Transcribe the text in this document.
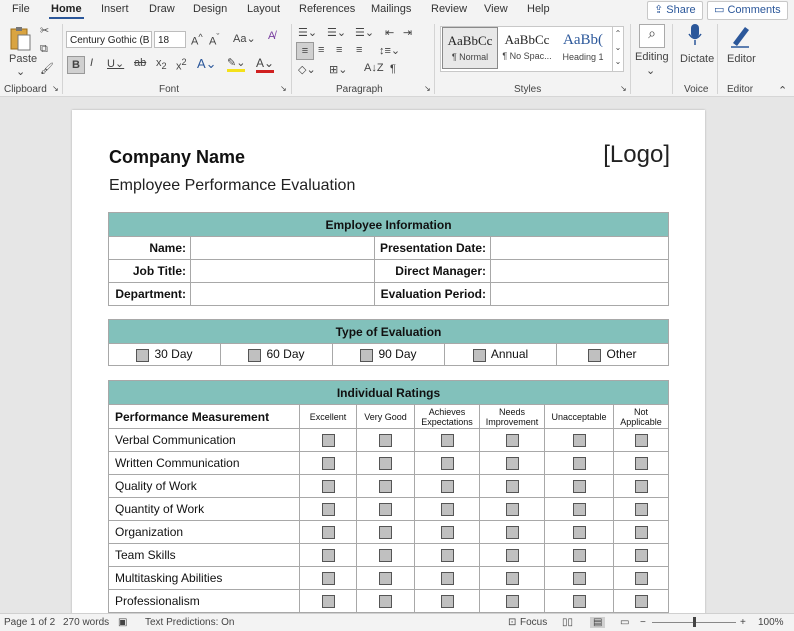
File Home Insert Draw Design Layout References Mailings Review View Help	⇪ Share	▭ Comments
Paste
⌄
✂
⧉
🖌
Clipboard ↘
Century Gothic (B 18	A^ $A^ˇ$ Aa⌄ A̸
B I U⌄ ab $x_2$ $x^2$ A⌄ ✎⌄ A⌄
Font	↘
☰⌄ ☰⌄ ☰⌄ ⇤ ⇥
≡ ≡ ≡ ≡ ↕≡⌄
◇⌄ ⊞⌄ A↓Z ¶
Paragraph	↘
AaBbCc
¶ Normal
AaBbCc
¶ No Spac...
AaBb(
Heading 1
⌃
⌄
⌄
Styles	↘
⌕
Editing
⌄
Dictate
Voice
Editor
Editor ⌃
Company Name	[Logo]
Employee Performance Evaluation
Employee Information			
Name:		Presentation Date:	
Job Title:		Direct Manager:	
Department:		Evaluation Period:	
Type of Evaluation
30 Day	60 Day	90 Day	Annual	Other
Individual Ratings						
Performance Measurement	Excellent	Very Good	Achieves Expectations	Needs Improvement	Unacceptable	Not Applicable
Verbal Communication						
Written Communication						
Quality of Work						
Quantity of Work						
Organization						
Team Skills						
Multitasking Abilities						
Professionalism						
Page 1 of 2 270 words ▣ Text Predictions: On	⊡ Focus ▯▯	▤	▭ −	+ 100%
